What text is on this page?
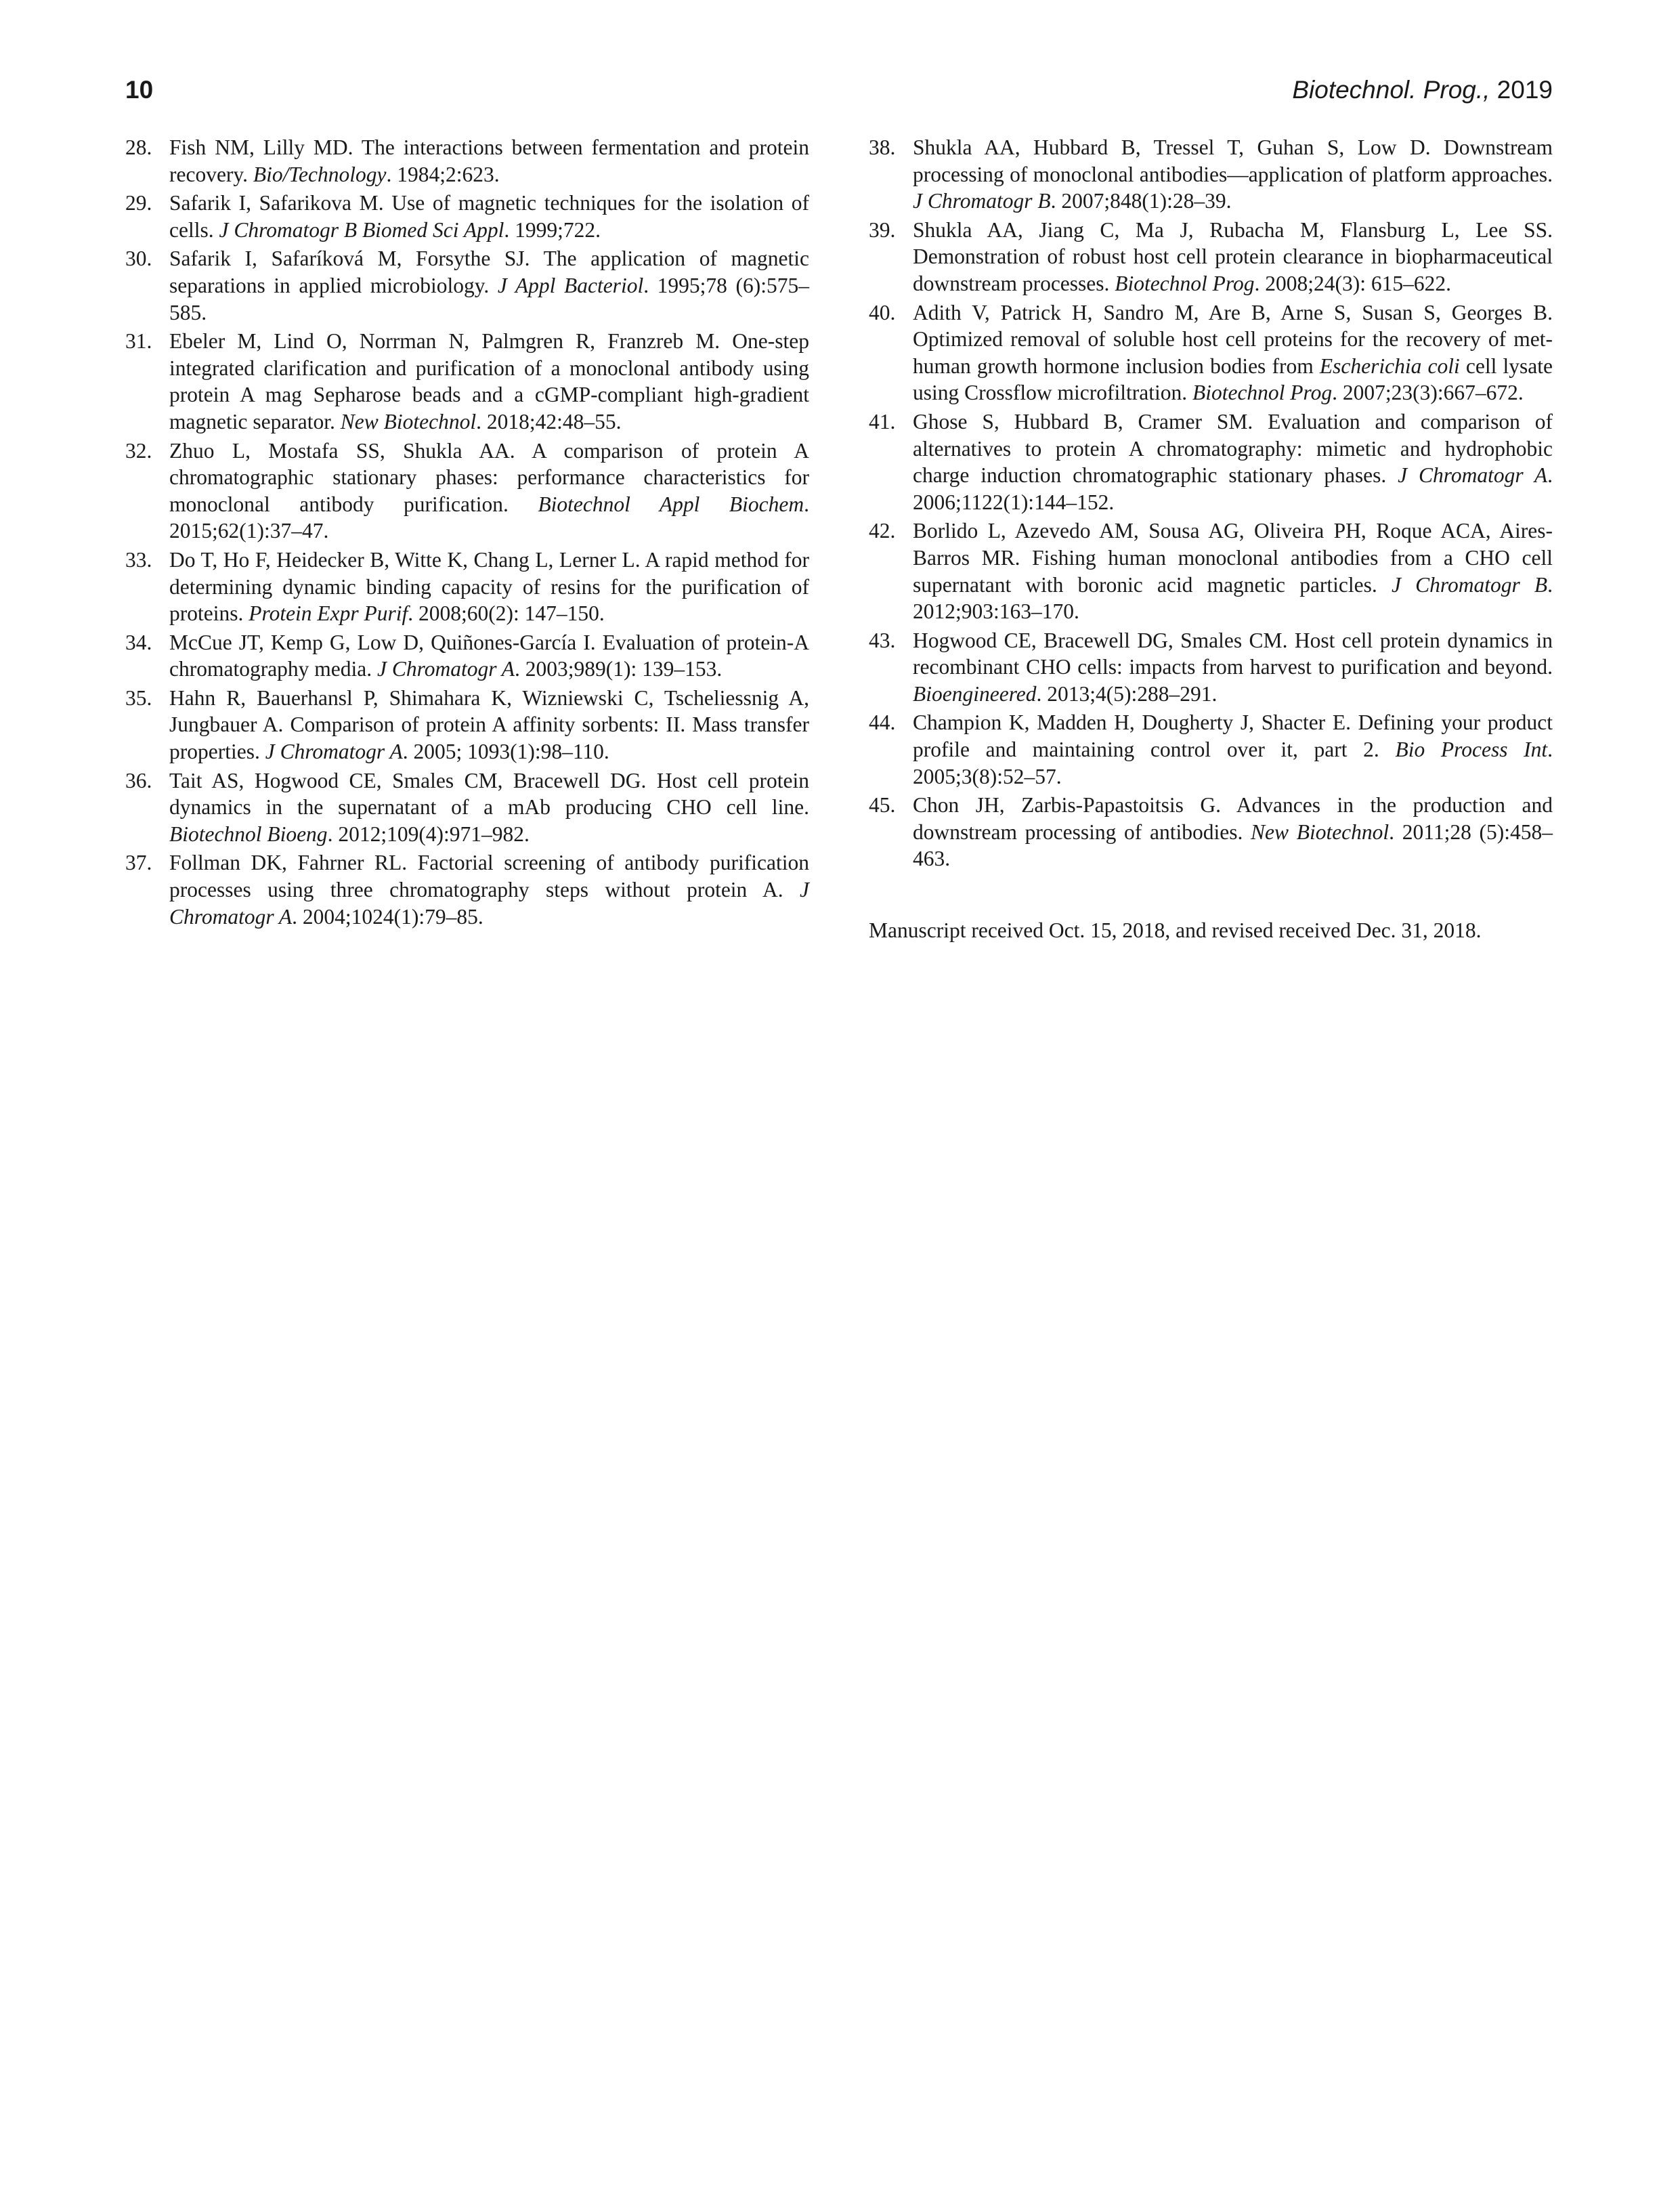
10	Biotechnol. Prog., 2019
28. Fish NM, Lilly MD. The interactions between fermentation and protein recovery. Bio/Technology. 1984;2:623.
29. Safarik I, Safarikova M. Use of magnetic techniques for the isolation of cells. J Chromatogr B Biomed Sci Appl. 1999;722.
30. Safarik I, Safaríková M, Forsythe SJ. The application of magnetic separations in applied microbiology. J Appl Bacteriol. 1995;78 (6):575–585.
31. Ebeler M, Lind O, Norrman N, Palmgren R, Franzreb M. One-step integrated clarification and purification of a monoclonal antibody using protein A mag Sepharose beads and a cGMP-compliant high-gradient magnetic separator. New Biotechnol. 2018;42:48–55.
32. Zhuo L, Mostafa SS, Shukla AA. A comparison of protein A chromatographic stationary phases: performance characteristics for monoclonal antibody purification. Biotechnol Appl Biochem. 2015;62(1):37–47.
33. Do T, Ho F, Heidecker B, Witte K, Chang L, Lerner L. A rapid method for determining dynamic binding capacity of resins for the purification of proteins. Protein Expr Purif. 2008;60(2): 147–150.
34. McCue JT, Kemp G, Low D, Quiñones-García I. Evaluation of protein-A chromatography media. J Chromatogr A. 2003;989(1): 139–153.
35. Hahn R, Bauerhansl P, Shimahara K, Wizniewski C, Tscheliessnig A, Jungbauer A. Comparison of protein A affinity sorbents: II. Mass transfer properties. J Chromatogr A. 2005; 1093(1):98–110.
36. Tait AS, Hogwood CE, Smales CM, Bracewell DG. Host cell protein dynamics in the supernatant of a mAb producing CHO cell line. Biotechnol Bioeng. 2012;109(4):971–982.
37. Follman DK, Fahrner RL. Factorial screening of antibody purification processes using three chromatography steps without protein A. J Chromatogr A. 2004;1024(1):79–85.
38. Shukla AA, Hubbard B, Tressel T, Guhan S, Low D. Downstream processing of monoclonal antibodies—application of platform approaches. J Chromatogr B. 2007;848(1):28–39.
39. Shukla AA, Jiang C, Ma J, Rubacha M, Flansburg L, Lee SS. Demonstration of robust host cell protein clearance in biopharmaceutical downstream processes. Biotechnol Prog. 2008;24(3): 615–622.
40. Adith V, Patrick H, Sandro M, Are B, Arne S, Susan S, Georges B. Optimized removal of soluble host cell proteins for the recovery of met-human growth hormone inclusion bodies from Escherichia coli cell lysate using Crossflow microfiltration. Biotechnol Prog. 2007;23(3):667–672.
41. Ghose S, Hubbard B, Cramer SM. Evaluation and comparison of alternatives to protein A chromatography: mimetic and hydrophobic charge induction chromatographic stationary phases. J Chromatogr A. 2006;1122(1):144–152.
42. Borlido L, Azevedo AM, Sousa AG, Oliveira PH, Roque ACA, Aires-Barros MR. Fishing human monoclonal antibodies from a CHO cell supernatant with boronic acid magnetic particles. J Chromatogr B. 2012;903:163–170.
43. Hogwood CE, Bracewell DG, Smales CM. Host cell protein dynamics in recombinant CHO cells: impacts from harvest to purification and beyond. Bioengineered. 2013;4(5):288–291.
44. Champion K, Madden H, Dougherty J, Shacter E. Defining your product profile and maintaining control over it, part 2. Bio Process Int. 2005;3(8):52–57.
45. Chon JH, Zarbis-Papastoitsis G. Advances in the production and downstream processing of antibodies. New Biotechnol. 2011;28 (5):458–463.

Manuscript received Oct. 15, 2018, and revised received Dec. 31, 2018.
